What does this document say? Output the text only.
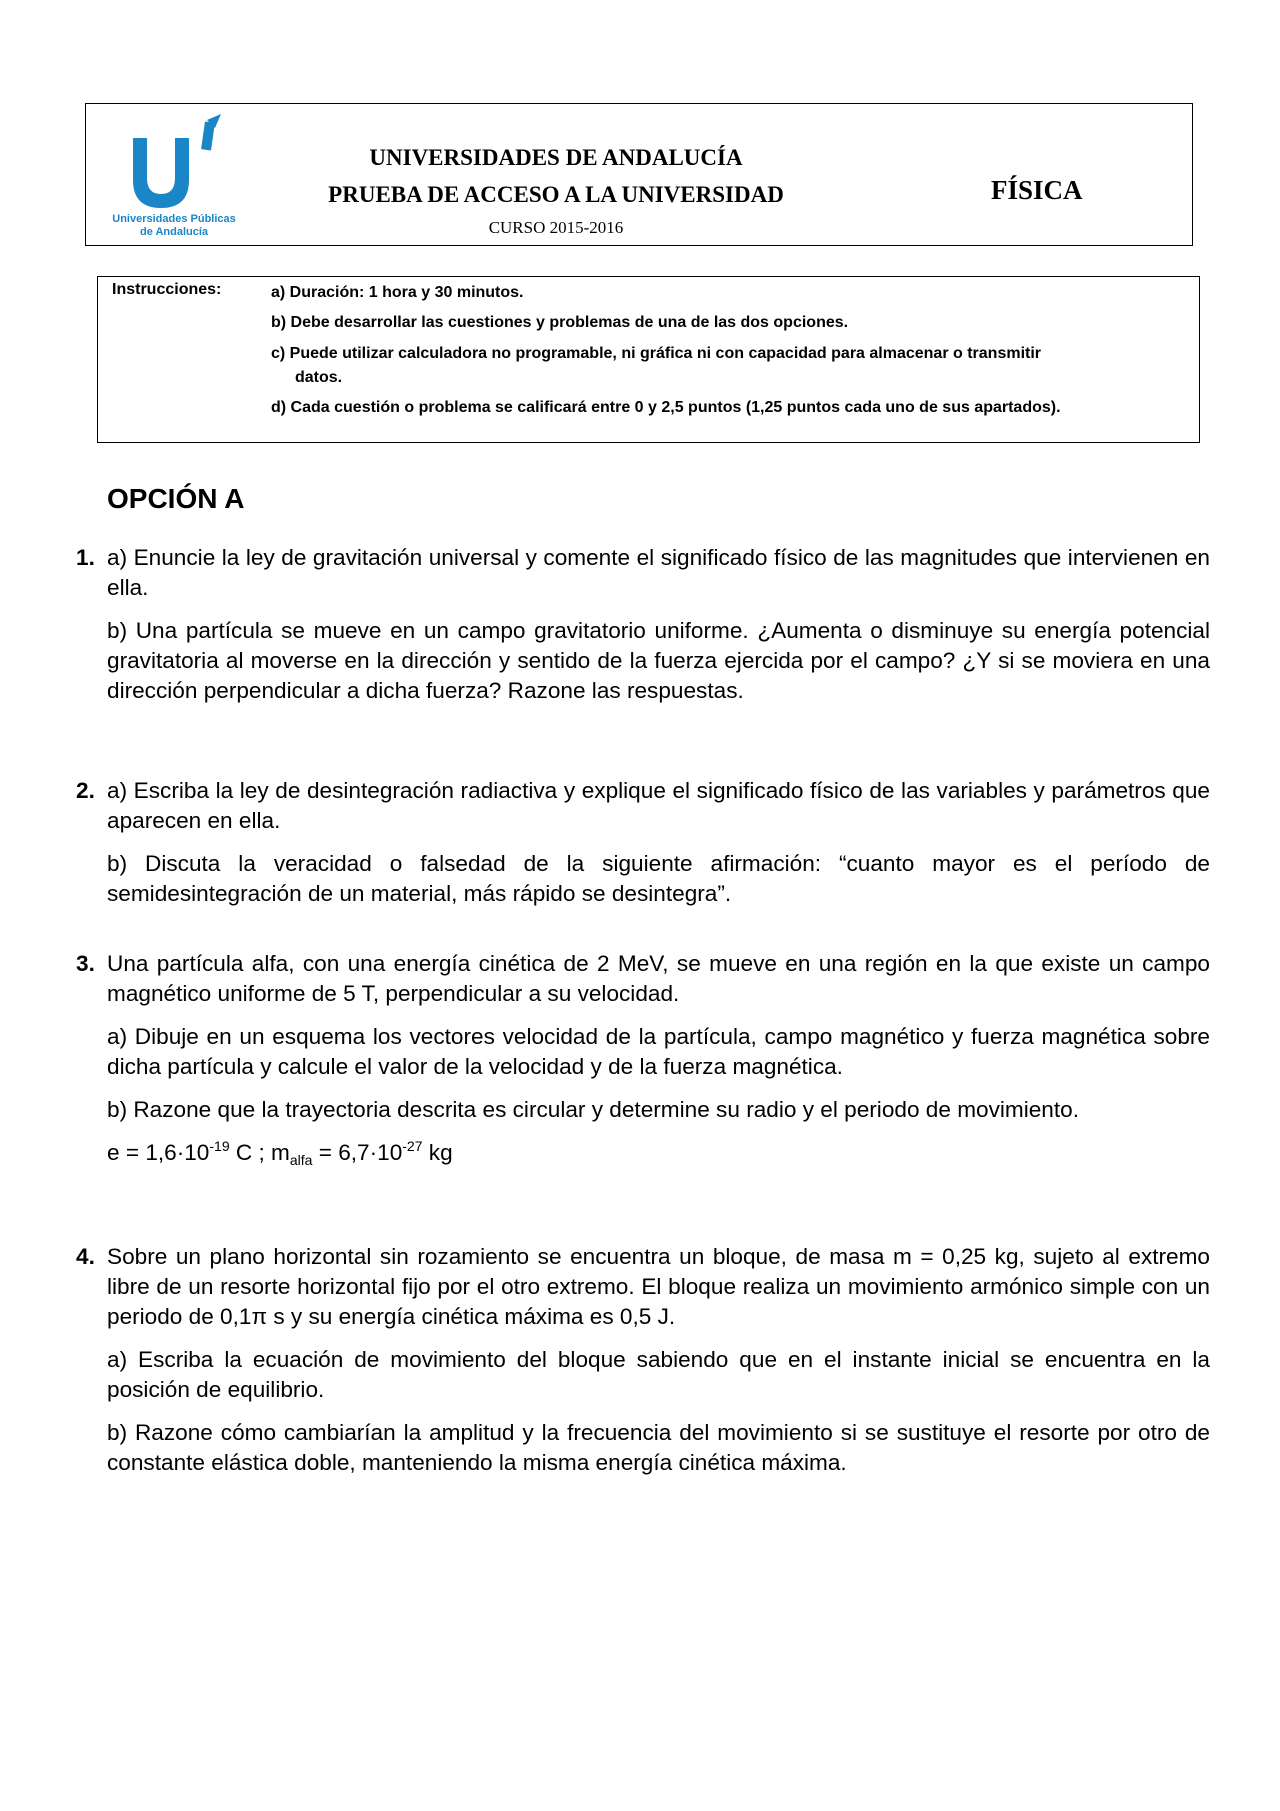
Universidades Públicas
de Andalucía
UNIVERSIDADES DE ANDALUCÍA
PRUEBA DE ACCESO A LA UNIVERSIDAD
CURSO 2015-2016
FÍSICA
Instrucciones:	a) Duración: 1 hora y 30 minutos.
b) Debe desarrollar las cuestiones y problemas de una de las dos opciones.
c) Puede utilizar calculadora no programable, ni gráfica ni con capacidad para almacenar o transmitir
datos.
d) Cada cuestión o problema se calificará entre 0 y 2,5 puntos (1,25 puntos cada uno de sus apartados).
OPCIÓN A
1. a) Enuncie la ley de gravitación universal y comente el significado físico de las magnitudes que intervienen en ella.

b) Una partícula se mueve en un campo gravitatorio uniforme. ¿Aumenta o disminuye su energía potencial gravitatoria al moverse en la dirección y sentido de la fuerza ejercida por el campo? ¿Y si se moviera en una dirección perpendicular a dicha fuerza? Razone las respuestas.

2. a) Escriba la ley de desintegración radiactiva y explique el significado físico de las variables y parámetros que aparecen en ella.

b) Discuta la veracidad o falsedad de la siguiente afirmación: “cuanto mayor es el período de semidesintegración de un material, más rápido se desintegra”.

3. Una partícula alfa, con una energía cinética de 2 MeV, se mueve en una región en la que existe un campo magnético uniforme de 5 T, perpendicular a su velocidad.

a) Dibuje en un esquema los vectores velocidad de la partícula, campo magnético y fuerza magnética sobre dicha partícula y calcule el valor de la velocidad y de la fuerza magnética.

b) Razone que la trayectoria descrita es circular y determine su radio y el periodo de movimiento.

$e = 1,6\cdot 10^{-19}$ C ; $m_{alfa} = 6,7\cdot 10^{-27}$ kg

4. Sobre un plano horizontal sin rozamiento se encuentra un bloque, de masa m = 0,25 kg, sujeto al extremo libre de un resorte horizontal fijo por el otro extremo. El bloque realiza un movimiento armónico simple con un periodo de 0,1π s y su energía cinética máxima es 0,5 J.

a) Escriba la ecuación de movimiento del bloque sabiendo que en el instante inicial se encuentra en la posición de equilibrio.

b) Razone cómo cambiarían la amplitud y la frecuencia del movimiento si se sustituye el resorte por otro de constante elástica doble, manteniendo la misma energía cinética máxima.
